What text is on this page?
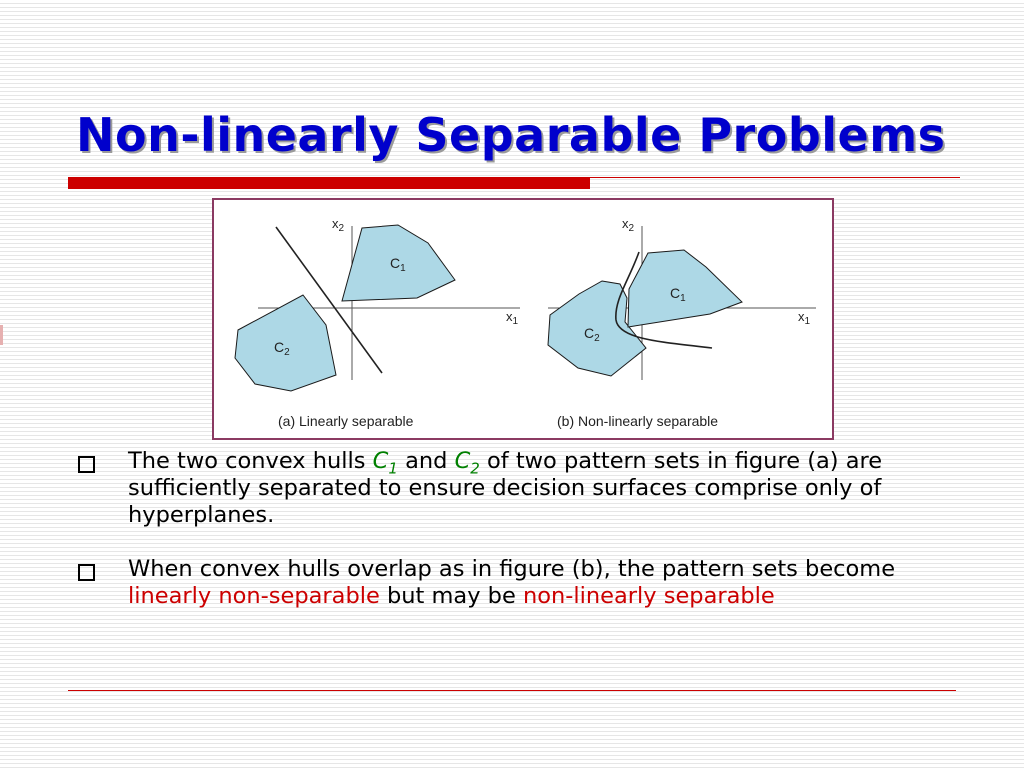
Non-linearly Separable Problems
$x_2$
$x_1$
$C_1$
$C_2$
(a) Linearly separable
$x_2$
$x_1$
$C_1$
$C_2$
(b) Non-linearly separable
The two convex hulls $C_1$ and $C_2$ of two pattern sets in figure (a) are sufficiently separated to ensure decision surfaces comprise only of hyperplanes.
When convex hulls overlap as in figure (b), the pattern sets become linearly non-separable but may be non-linearly separable
